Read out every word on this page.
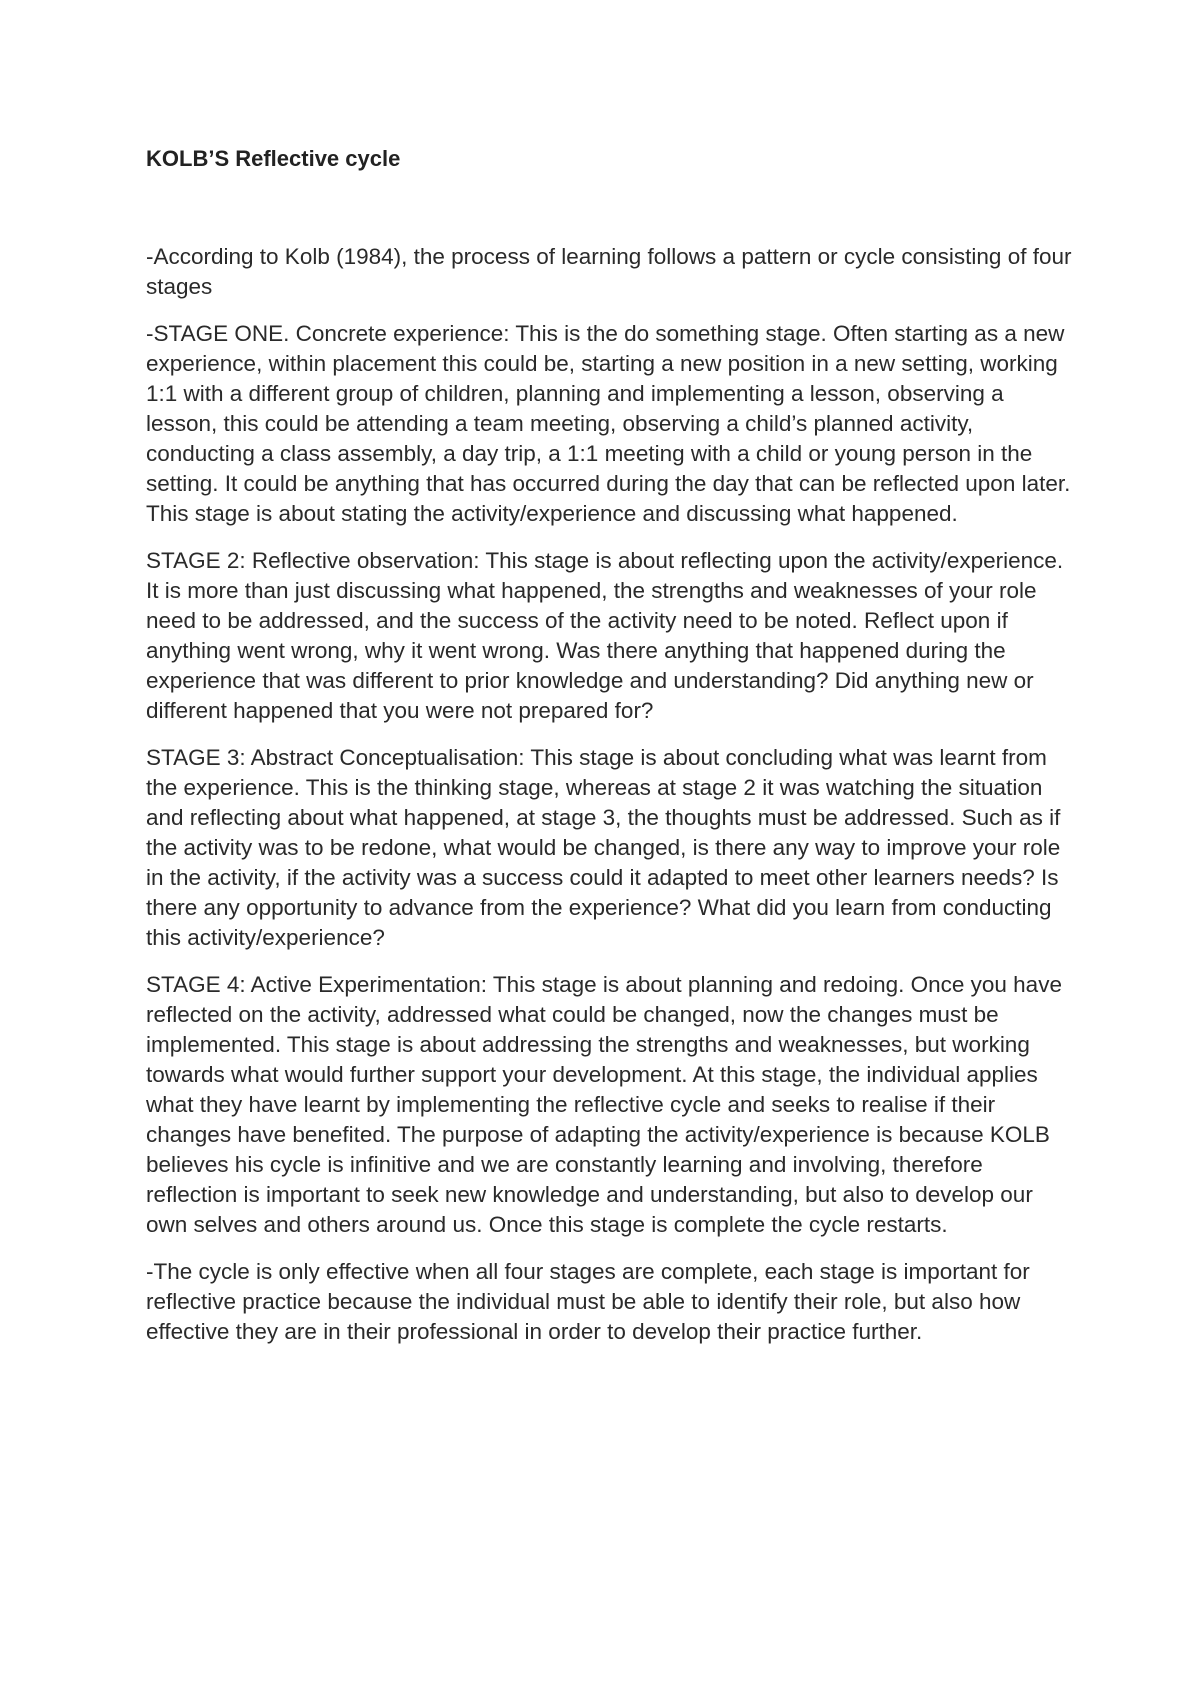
KOLB’S Reflective cycle

-According to Kolb (1984), the process of learning follows a pattern or cycle consisting of four stages

-STAGE ONE. Concrete experience: This is the do something stage. Often starting as a new experience, within placement this could be, starting a new position in a new setting, working 1:1 with a different group of children, planning and implementing a lesson, observing a lesson, this could be attending a team meeting, observing a child’s planned activity, conducting a class assembly, a day trip, a 1:1 meeting with a child or young person in the setting. It could be anything that has occurred during the day that can be reflected upon later. This stage is about stating the activity/experience and discussing what happened.

STAGE 2: Reflective observation: This stage is about reflecting upon the activity/experience. It is more than just discussing what happened, the strengths and weaknesses of your role need to be addressed, and the success of the activity need to be noted. Reflect upon if anything went wrong, why it went wrong. Was there anything that happened during the experience that was different to prior knowledge and understanding? Did anything new or different happened that you were not prepared for?

STAGE 3: Abstract Conceptualisation: This stage is about concluding what was learnt from the experience. This is the thinking stage, whereas at stage 2 it was watching the situation and reflecting about what happened, at stage 3, the thoughts must be addressed. Such as if the activity was to be redone, what would be changed, is there any way to improve your role in the activity, if the activity was a success could it adapted to meet other learners needs? Is there any opportunity to advance from the experience? What did you learn from conducting this activity/experience?

STAGE 4: Active Experimentation: This stage is about planning and redoing. Once you have reflected on the activity, addressed what could be changed, now the changes must be implemented. This stage is about addressing the strengths and weaknesses, but working towards what would further support your development. At this stage, the individual applies what they have learnt by implementing the reflective cycle and seeks to realise if their changes have benefited. The purpose of adapting the activity/experience is because KOLB believes his cycle is infinitive and we are constantly learning and involving, therefore reflection is important to seek new knowledge and understanding, but also to develop our own selves and others around us. Once this stage is complete the cycle restarts.

-The cycle is only effective when all four stages are complete, each stage is important for reflective practice because the individual must be able to identify their role, but also how effective they are in their professional in order to develop their practice further.
